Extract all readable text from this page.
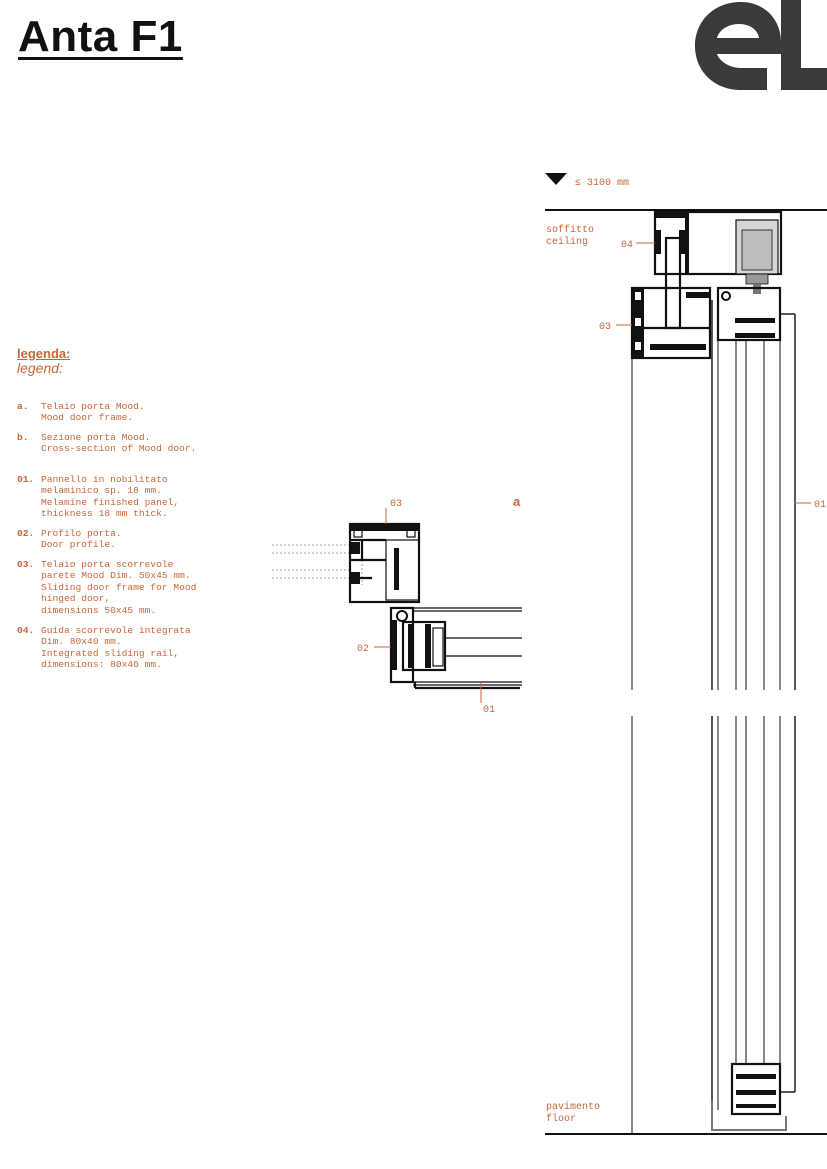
Anta F1

legenda:

legend:

a. Telaio porta Mood.
Mood door frame.
b. Sezione porta Mood.
Cross-section of Mood door.
01. Pannello in nobilitato
melaminico sp. 18 mm.
Melamine finished panel,
thickness 18 mm thick.
02. Profilo porta.
Door profile.
03. Telaio porta scorrevole
parete Mood Dim. 50x45 mm.
Sliding door frame for Mood
hinged door,
dimensions 50x45 mm.
04. Guida scorrevole integrata
Dim. 80x40 mm.
Integrated sliding rail,
dimensions: 80x40 mm.
a
03
02
01
≤ 3100 mm
soffitto
ceiling	04
03
01
pavimento
floor
